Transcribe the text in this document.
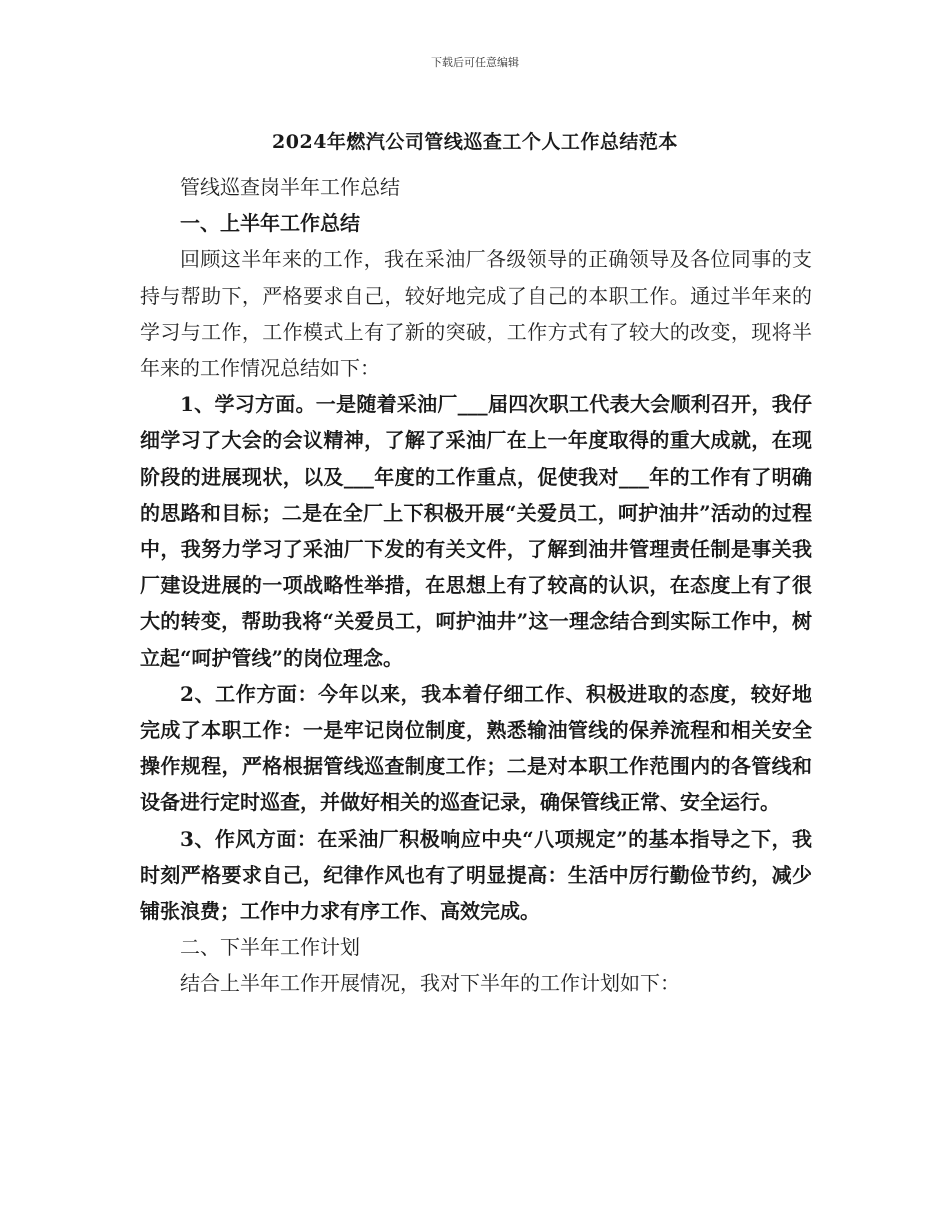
下载后可任意编辑
2024年燃汽公司管线巡查工个人工作总结范本

管线巡查岗半年工作总结

一、上半年工作总结

回顾这半年来的工作，我在采油厂各级领导的正确领导及各位同事的支持与帮助下，严格要求自己，较好地完成了自己的本职工作。通过半年来的学习与工作，工作模式上有了新的突破，工作方式有了较大的改变，现将半年来的工作情况总结如下：

1、学习方面。一是随着采油厂___届四次职工代表大会顺利召开，我仔细学习了大会的会议精神，了解了采油厂在上一年度取得的重大成就，在现阶段的进展现状，以及___年度的工作重点，促使我对___年的工作有了明确的思路和目标；二是在全厂上下积极开展“关爱员工，呵护油井”活动的过程中，我努力学习了采油厂下发的有关文件，了解到油井管理责任制是事关我厂建设进展的一项战略性举措，在思想上有了较高的认识，在态度上有了很大的转变，帮助我将“关爱员工，呵护油井”这一理念结合到实际工作中，树立起“呵护管线”的岗位理念。

2、工作方面：今年以来，我本着仔细工作、积极进取的态度，较好地完成了本职工作：一是牢记岗位制度，熟悉输油管线的保养流程和相关安全操作规程，严格根据管线巡查制度工作；二是对本职工作范围内的各管线和设备进行定时巡查，并做好相关的巡查记录，确保管线正常、安全运行。

3、作风方面：在采油厂积极响应中央“八项规定”的基本指导之下，我时刻严格要求自己，纪律作风也有了明显提高：生活中厉行勤俭节约，减少铺张浪费；工作中力求有序工作、高效完成。

二、下半年工作计划

结合上半年工作开展情况，我对下半年的工作计划如下：
